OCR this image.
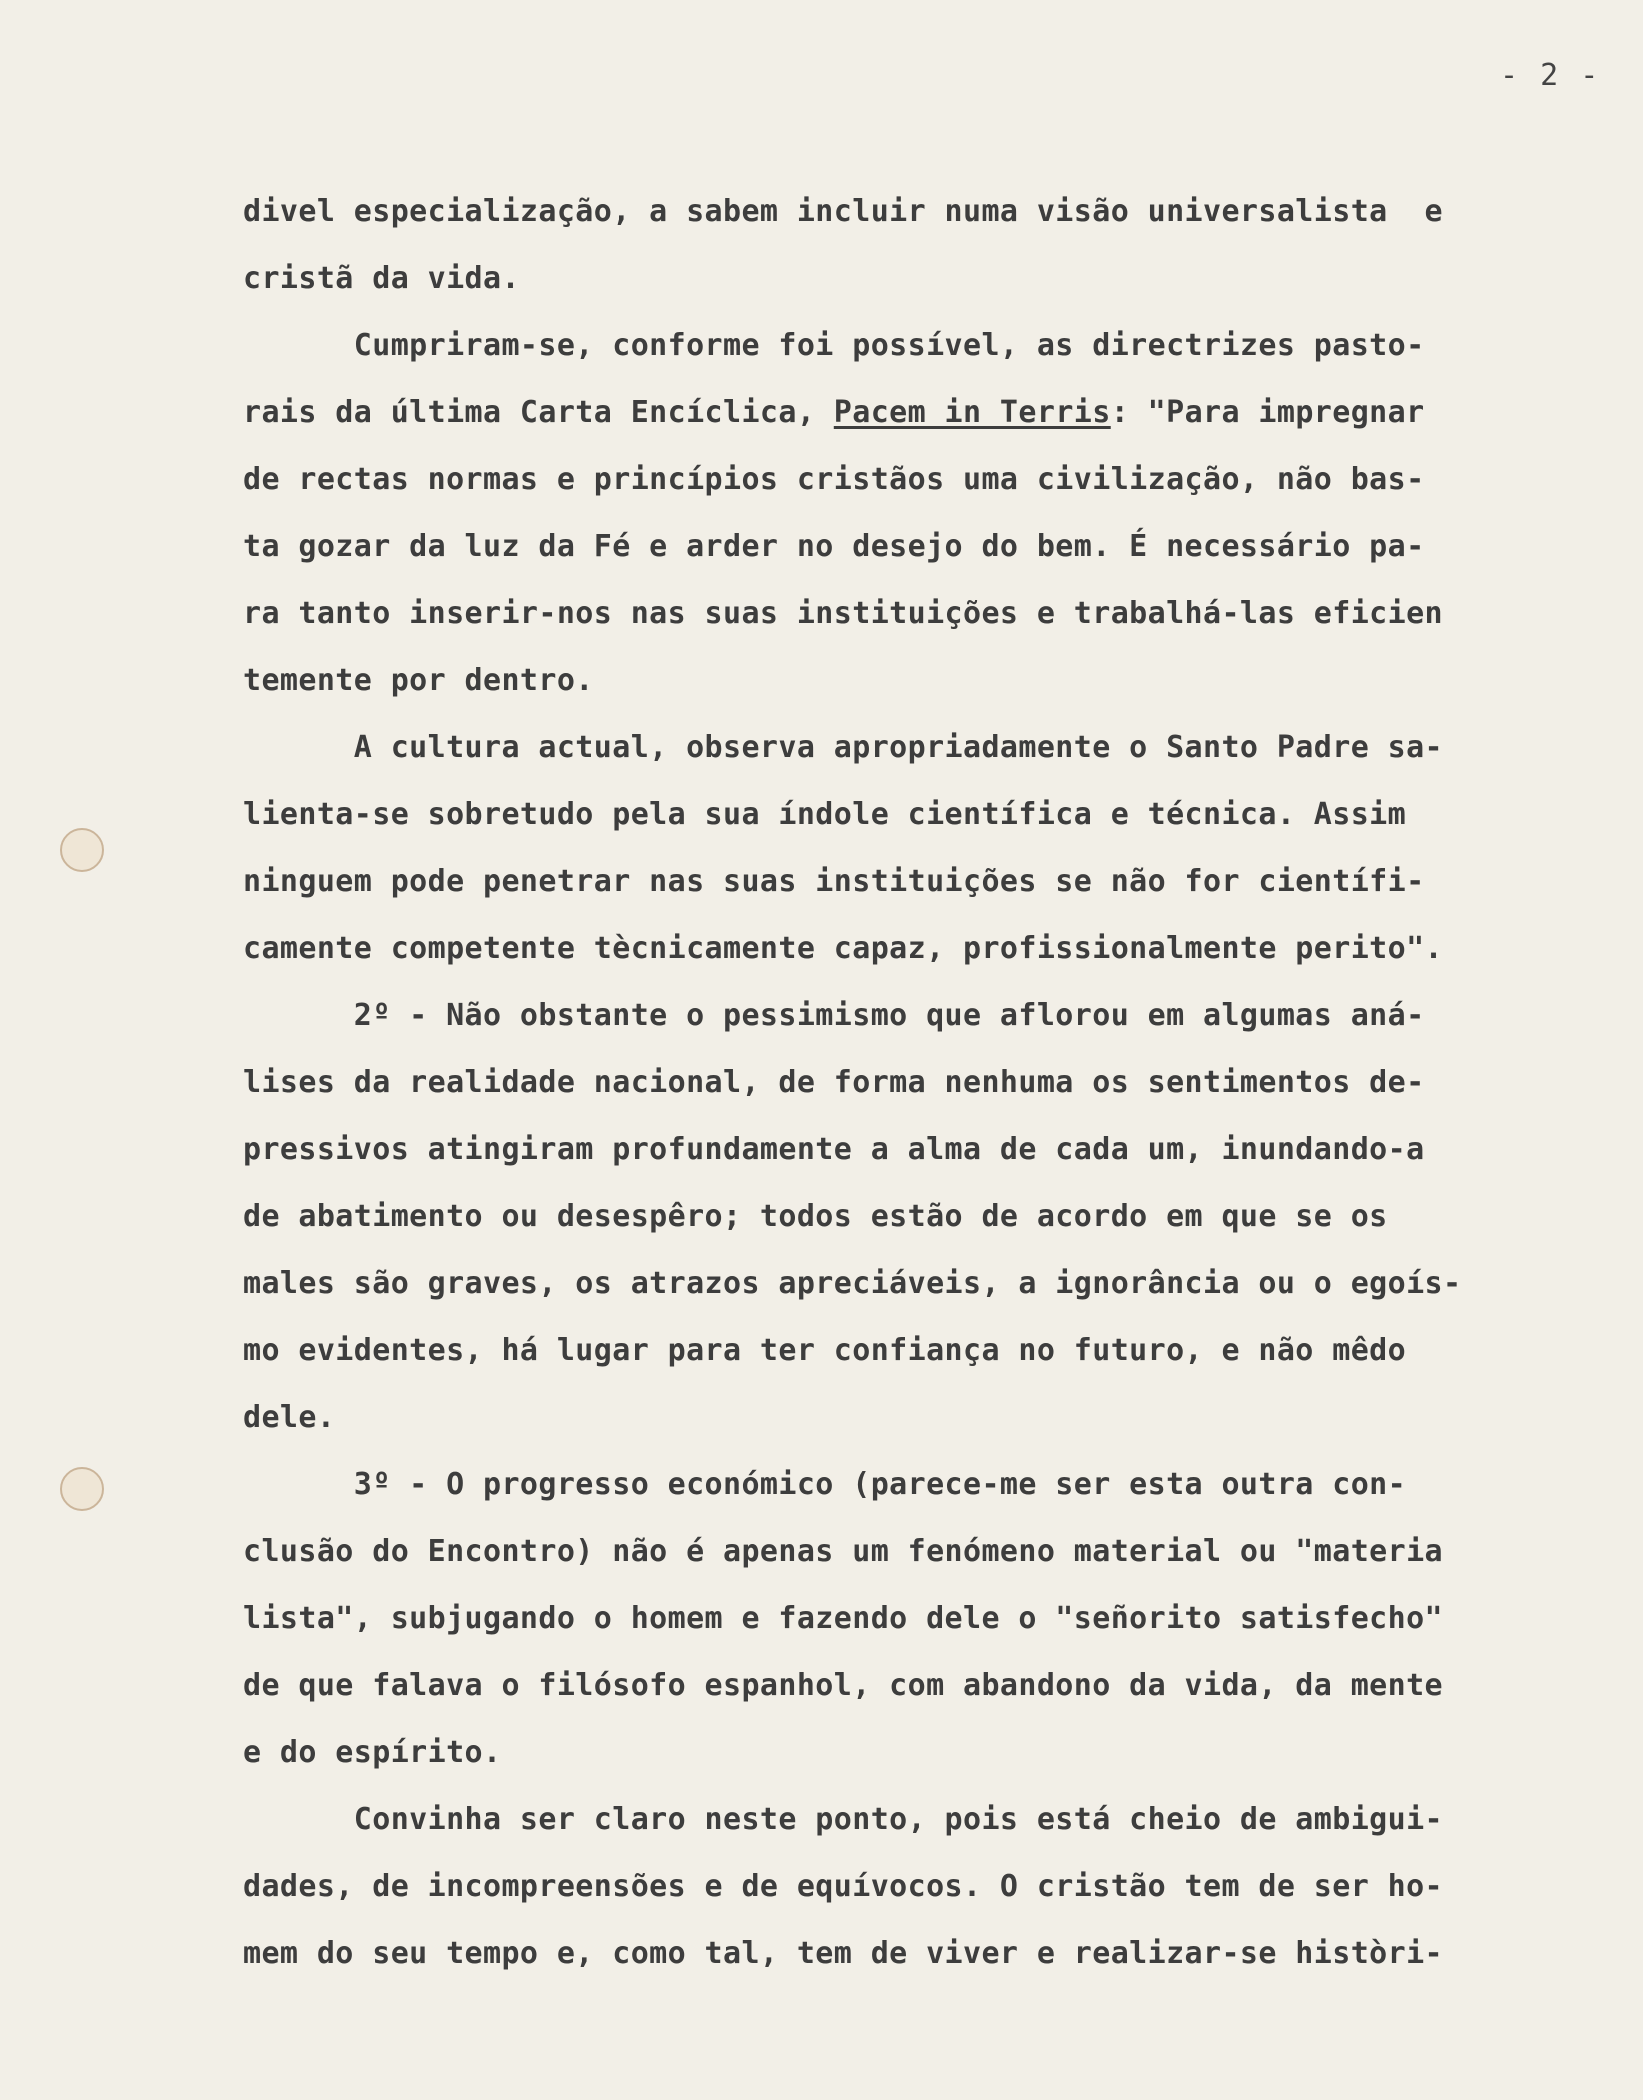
- 2 -
divel especialização, a sabem incluir numa visão universalista  e
cristã da vida.
Cumpriram-se, conforme foi possível, as directrizes pasto-
rais da última Carta Encíclica, Pacem in Terris: "Para impregnar
de rectas normas e princípios cristãos uma civilização, não bas-
ta gozar da luz da Fé e arder no desejo do bem. É necessário pa-
ra tanto inserir-nos nas suas instituições e trabalhá-las eficien
temente por dentro.
A cultura actual, observa apropriadamente o Santo Padre sa-
lienta-se sobretudo pela sua índole científica e técnica. Assim
ninguem pode penetrar nas suas instituições se não for científi-
camente competente tècnicamente capaz, profissionalmente perito".
2º - Não obstante o pessimismo que aflorou em algumas aná-
lises da realidade nacional, de forma nenhuma os sentimentos de-
pressivos atingiram profundamente a alma de cada um, inundando-a
de abatimento ou desespêro; todos estão de acordo em que se os
males são graves, os atrazos apreciáveis, a ignorância ou o egoís-
mo evidentes, há lugar para ter confiança no futuro, e não mêdo
dele.
3º - O progresso económico (parece-me ser esta outra con-
clusão do Encontro) não é apenas um fenómeno material ou "materia
lista", subjugando o homem e fazendo dele o "señorito satisfecho"
de que falava o filósofo espanhol, com abandono da vida, da mente
e do espírito.
Convinha ser claro neste ponto, pois está cheio de ambigui-
dades, de incompreensões e de equívocos. O cristão tem de ser ho-
mem do seu tempo e, como tal, tem de viver e realizar-se històri-
